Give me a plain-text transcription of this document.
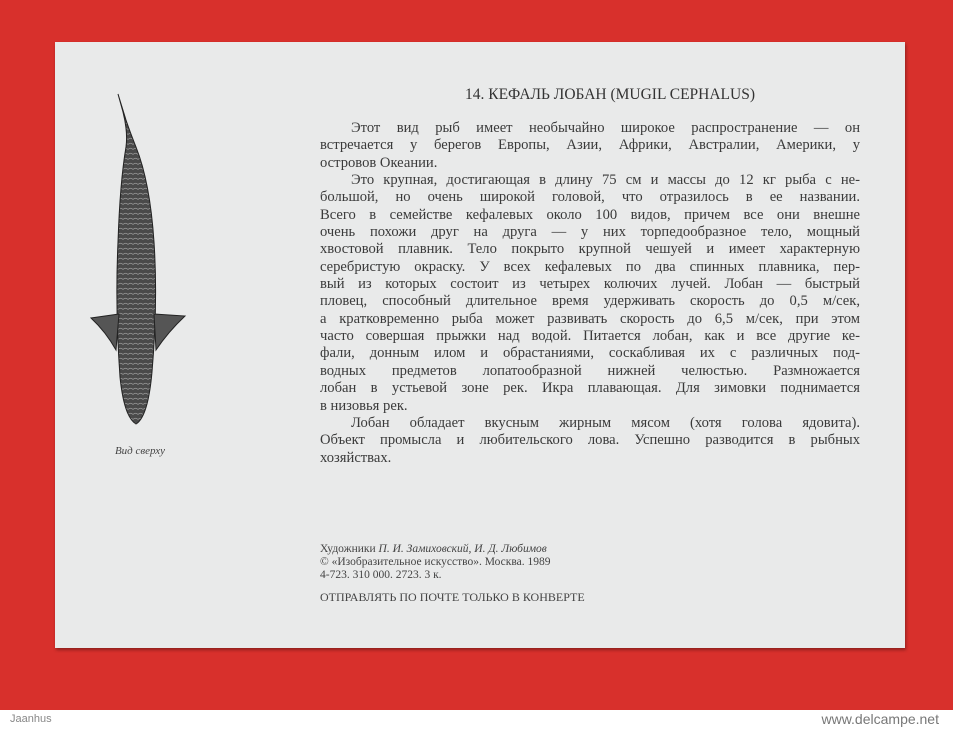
Вид сверху
14. КЕФАЛЬ ЛОБАН (MUGIL CEPHALUS)
Этот вид рыб имеет необычайно широкое распространение — он
встречается у берегов Европы, Азии, Африки, Австралии, Америки, у
островов Океании.
Это крупная, достигающая в длину 75 см и массы до 12 кг рыба с не-
большой, но очень широкой головой, что отразилось в ее названии.
Всего в семействе кефалевых около 100 видов, причем все они внешне
очень похожи друг на друга — у них торпедообразное тело, мощный
хвостовой плавник. Тело покрыто крупной чешуей и имеет характерную
серебристую окраску. У всех кефалевых по два спинных плавника, пер-
вый из которых состоит из четырех колючих лучей. Лобан — быстрый
пловец, способный длительное время удерживать скорость до 0,5 м/сек,
а кратковременно рыба может развивать скорость до 6,5 м/сек, при этом
часто совершая прыжки над водой. Питается лобан, как и все другие ке-
фали, донным илом и обрастаниями, соскабливая их с различных под-
водных предметов лопатообразной нижней челюстью. Размножается
лобан в устьевой зоне рек. Икра плавающая. Для зимовки поднимается
в низовья рек.
Лобан обладает вкусным жирным мясом (хотя голова ядовита).
Объект промысла и любительского лова. Успешно разводится в рыбных
хозяйствах.
Художники П. И. Замиховский, И. Д. Любимов
© «Изобразительное искусство». Москва. 1989
4-723. 310 000. 2723. 3 к.
ОТПРАВЛЯТЬ ПО ПОЧТЕ ТОЛЬКО В КОНВЕРТЕ
Jaanhus	www.delcampe.net
